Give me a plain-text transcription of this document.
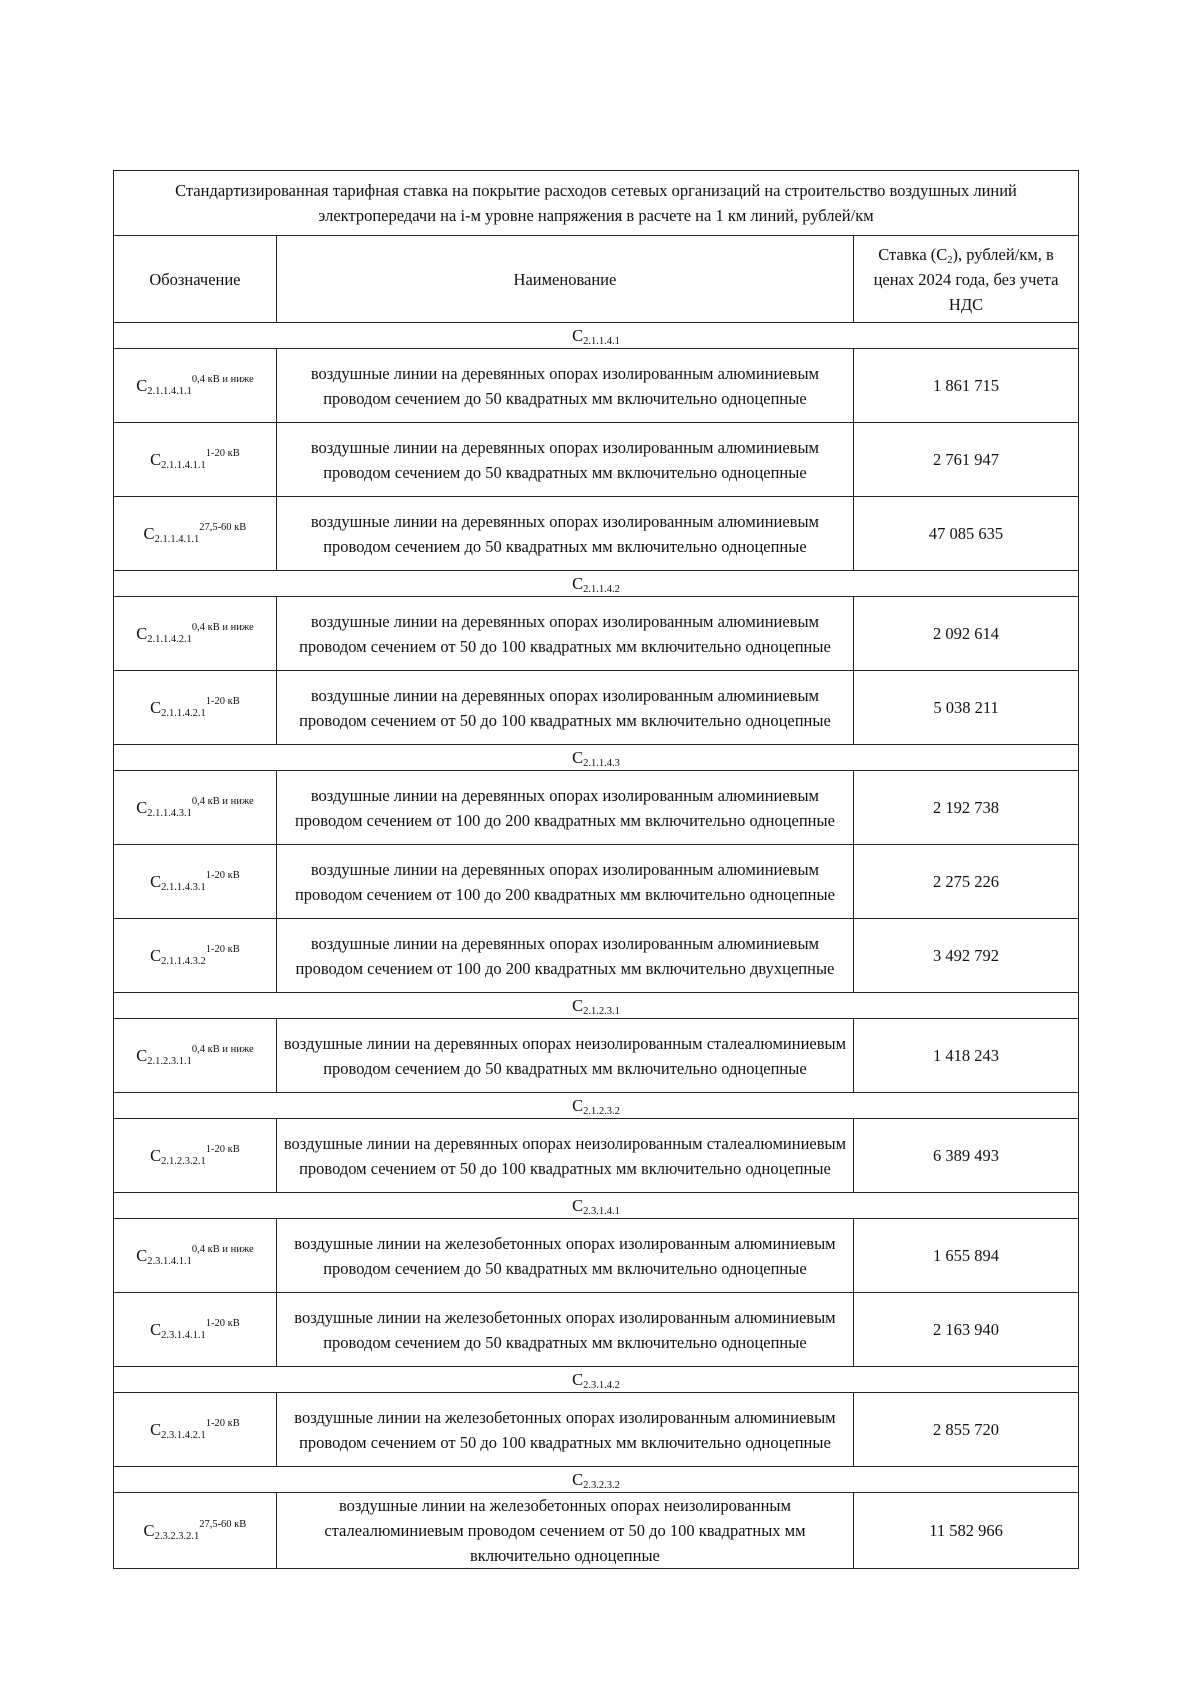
Стандартизированная тарифная ставка на покрытие расходов сетевых организаций на строительство воздушных линий электропередачи на i-м уровне напряжения в расчете на 1 км линий, рублей/км		
Обозначение	Наименование	Ставка $(С_2)$, рублей/км, в ценах 2024 года, без учета НДС
$С_{2.1.1.4.1}$
$С_{2.1.1.4.1.1}^{0,4 кВ и ниже}$	воздушные линии на деревянных опорах изолированным алюминиевым проводом сечением до 50 квадратных мм включительно одноцепные	1 861 715
$С_{2.1.1.4.1.1}^{1-20 кВ}$	воздушные линии на деревянных опорах изолированным алюминиевым проводом сечением до 50 квадратных мм включительно одноцепные	2 761 947
$С_{2.1.1.4.1.1}^{27,5-60 кВ}$	воздушные линии на деревянных опорах изолированным алюминиевым проводом сечением до 50 квадратных мм включительно одноцепные	47 085 635
$С_{2.1.1.4.2}$
$С_{2.1.1.4.2.1}^{0,4 кВ и ниже}$	воздушные линии на деревянных опорах изолированным алюминиевым проводом сечением от 50 до 100 квадратных мм включительно одноцепные	2 092 614
$С_{2.1.1.4.2.1}^{1-20 кВ}$	воздушные линии на деревянных опорах изолированным алюминиевым проводом сечением от 50 до 100 квадратных мм включительно одноцепные	5 038 211
$С_{2.1.1.4.3}$
$С_{2.1.1.4.3.1}^{0,4 кВ и ниже}$	воздушные линии на деревянных опорах изолированным алюминиевым проводом сечением от 100 до 200 квадратных мм включительно одноцепные	2 192 738
$С_{2.1.1.4.3.1}^{1-20 кВ}$	воздушные линии на деревянных опорах изолированным алюминиевым проводом сечением от 100 до 200 квадратных мм включительно одноцепные	2 275 226
$С_{2.1.1.4.3.2}^{1-20 кВ}$	воздушные линии на деревянных опорах изолированным алюминиевым проводом сечением от 100 до 200 квадратных мм включительно двухцепные	3 492 792
$С_{2.1.2.3.1}$
$С_{2.1.2.3.1.1}^{0,4 кВ и ниже}$	воздушные линии на деревянных опорах неизолированным сталеалюминиевым проводом сечением до 50 квадратных мм включительно одноцепные	1 418 243
$С_{2.1.2.3.2}$
$С_{2.1.2.3.2.1}^{1-20 кВ}$	воздушные линии на деревянных опорах неизолированным сталеалюминиевым проводом сечением от 50 до 100 квадратных мм включительно одноцепные	6 389 493
$С_{2.3.1.4.1}$
$С_{2.3.1.4.1.1}^{0,4 кВ и ниже}$	воздушные линии на железобетонных опорах изолированным алюминиевым проводом сечением до 50 квадратных мм включительно одноцепные	1 655 894
$С_{2.3.1.4.1.1}^{1-20 кВ}$	воздушные линии на железобетонных опорах изолированным алюминиевым проводом сечением до 50 квадратных мм включительно одноцепные	2 163 940
$С_{2.3.1.4.2}$
$С_{2.3.1.4.2.1}^{1-20 кВ}$	воздушные линии на железобетонных опорах изолированным алюминиевым проводом сечением от 50 до 100 квадратных мм включительно одноцепные	2 855 720
$С_{2.3.2.3.2}$
$С_{2.3.2.3.2.1}^{27,5-60 кВ}$	воздушные линии на железобетонных опорах неизолированным сталеалюминиевым проводом сечением от 50 до 100 квадратных мм включительно одноцепные	11 582 966
